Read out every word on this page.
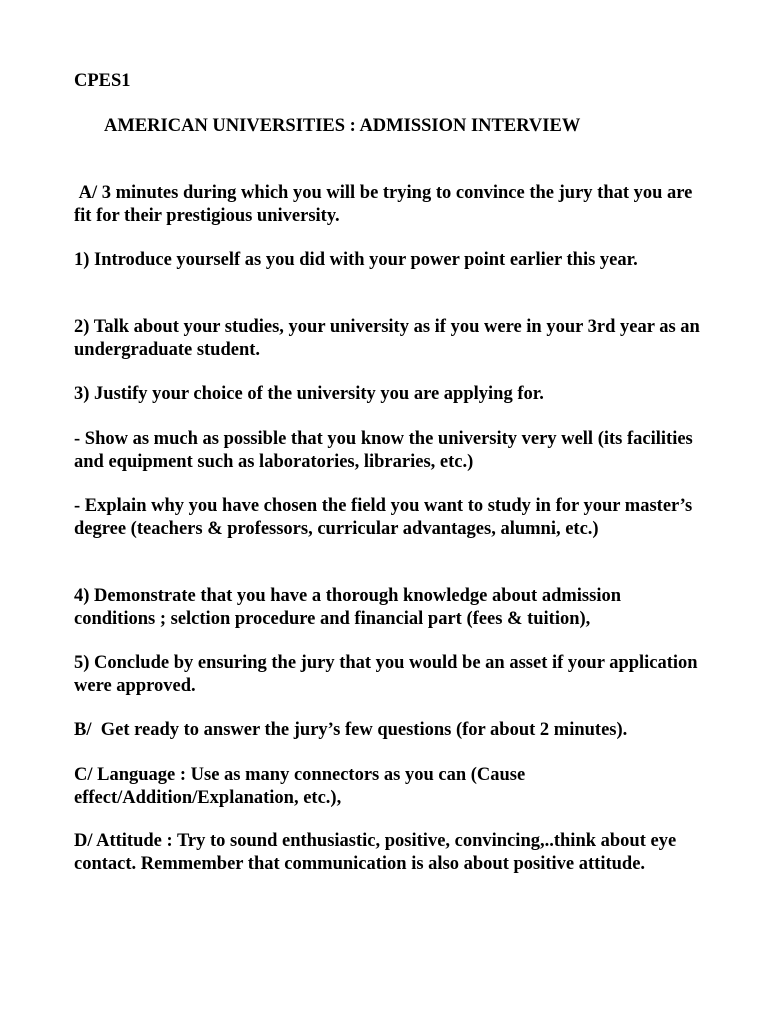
CPES1

AMERICAN UNIVERSITIES : ADMISSION INTERVIEW

A/ 3 minutes during which you will be trying to convince the jury that you are fit for their prestigious university.

1) Introduce yourself as you did with your power point earlier this year.

2) Talk about your studies, your university as if you were in your 3rd year as an undergraduate student.

3) Justify your choice of the university you are applying for.

- Show as much as possible that you know the university very well (its facilities and equipment such as laboratories, libraries, etc.)

- Explain why you have chosen the field you want to study in for your master’s degree (teachers & professors, curricular advantages, alumni, etc.)

4) Demonstrate that you have a thorough knowledge about admission conditions ; selction procedure and financial part (fees & tuition),

5) Conclude by ensuring the jury that you would be an asset if your application were approved.

B/  Get ready to answer the jury’s few questions (for about 2 minutes).

C/ Language : Use as many connectors as you can (Cause effect/Addition/Explanation, etc.),

D/ Attitude : Try to sound enthusiastic, positive, convincing,..think about eye contact. Remmember that communication is also about positive attitude.
